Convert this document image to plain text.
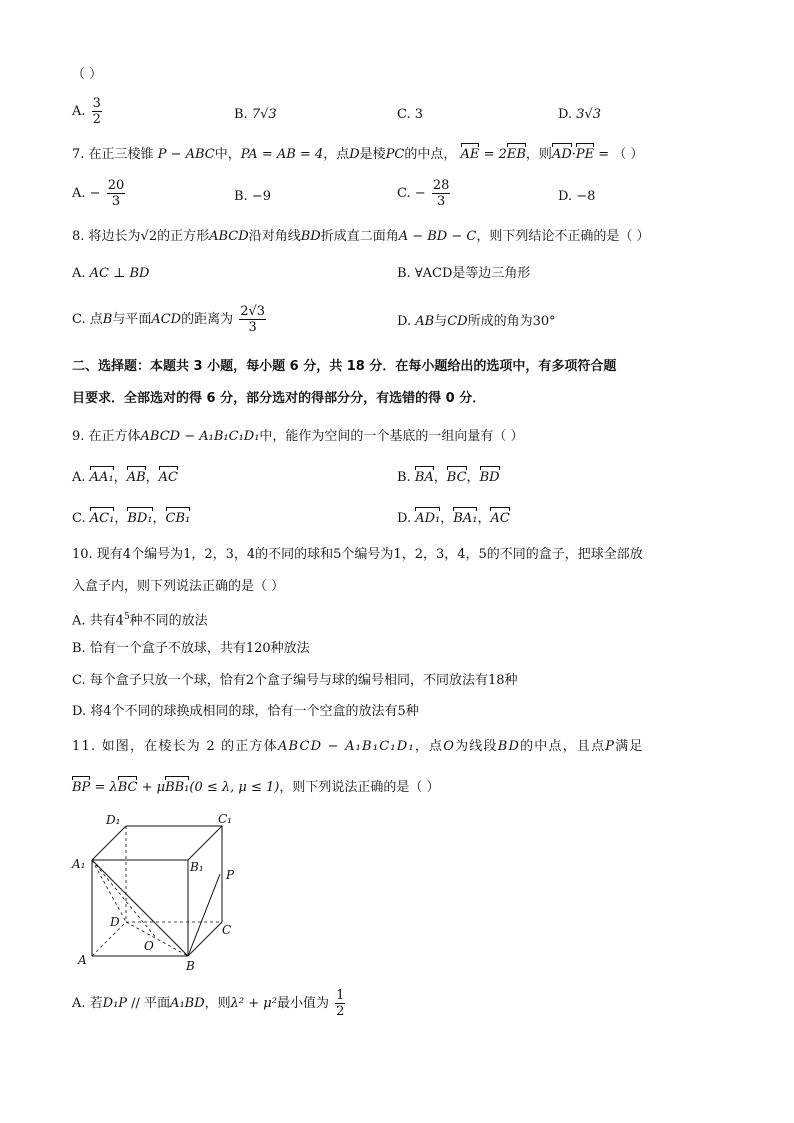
（ ）
A. $\frac{3}{2}$	B. 7√3	C. 3	D. 3√3
7. 在正三棱锥 P − ABC中，PA = AB = 4，点D是棱PC的中点， AE = 2EB，则AD·PE = （ ）
A. − $\frac{20}{3}$	B. −9	C. − $\frac{28}{3}$	D. −8
8. 将边长为√2的正方形ABCD沿对角线BD折成直二面角A − BD − C，则下列结论不正确的是（ ）
A. AC ⊥ BD	B. ∀ACD是等边三角形
C. 点B与平面ACD的距离为 $\frac{2√3}{3}$	D. AB与CD所成的角为30°
二、选择题：本题共 3 小题，每小题 6 分，共 18 分．在每小题给出的选项中，有多项符合题
目要求．全部选对的得 6 分，部分选对的得部分分，有选错的得 0 分．
9. 在正方体ABCD − A₁B₁C₁D₁中，能作为空间的一个基底的一组向量有（ ）
A. AA₁，AB，AC	B. BA，BC，BD
C. AC₁，BD₁，CB₁	D. AD₁，BA₁，AC
10. 现有4个编号为1，2，3，4的不同的球和5个编号为1，2，3，4，5的不同的盒子，把球全部放
入盒子内，则下列说法正确的是（ ）
A. 共有$4^5$种不同的放法
B. 恰有一个盒子不放球，共有120种放法
C. 每个盒子只放一个球，恰有2个盒子编号与球的编号相同，不同放法有18种
D. 将4个不同的球换成相同的球，恰有一个空盒的放法有5种
11. 如图，在棱长为 2 的正方体ABCD − A₁B₁C₁D₁，点O为线段BD的中点，且点P满足
BP = λBC + μBB₁(0 ≤ λ, μ ≤ 1)，则下列说法正确的是（ ）
D₁	C₁
A₁	B₁
P
D
C
O
A	B
A. 若D₁P // 平面A₁BD，则λ² + μ²最小值为 $\frac{1}{2}$
